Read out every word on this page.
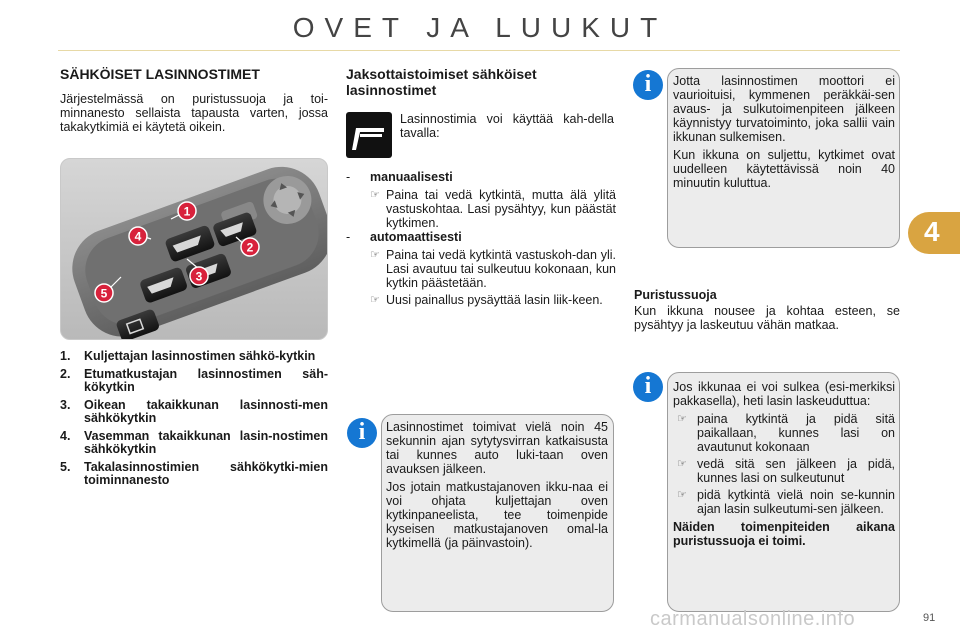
OVET JA LUUKUT
4
SÄHKÖISET LASINNOSTIMET
Järjestelmässä on puristussuoja ja toi-minnanesto sellaista tapausta varten, jossa takakytkimiä ei käytetä oikein.
1
2
3
4
5
1. Kuljettajan lasinnostimen sähkö-kytkin
2. Etumatkustajan lasinnostimen säh-kökytkin
3. Oikean takaikkunan lasinnosti-men sähkökytkin
4. Vasemman takaikkunan lasin-nostimen sähkökytkin
5. Takalasinnostimien sähkökytki-mien toiminnanesto
Jaksottaistoimiset sähköiset lasinnostimet
Lasinnostimia voi käyttää kah-della tavalla:
- manuaalisesti
☞ Paina tai vedä kytkintä, mutta älä ylitä vastuskohtaa. Lasi pysähtyy, kun päästät kytkimen.
- automaattisesti
☞ Paina tai vedä kytkintä vastuskoh-dan yli. Lasi avautuu tai sulkeutuu kokonaan, kun kytkin päästetään.
☞ Uusi painallus pysäyttää lasin liik-keen.
i	Lasinnostimet toimivat vielä noin 45 sekunnin ajan sytytysvirran katkaisusta tai kunnes auto luki-taan oven avauksen jälkeen.
Jos jotain matkustajanoven ikku-naa ei voi ohjata kuljettajan oven kytkinpaneelista, tee toimenpide kyseisen matkustajanoven omal-la kytkimellä (ja päinvastoin).
i	Jotta lasinnostimen moottori ei vaurioituisi, kymmenen peräkkäi-sen avaus- ja sulkutoimenpiteen jälkeen käynnistyy turvatoiminto, joka sallii vain ikkunan sulkemisen.
Kun ikkuna on suljettu, kytkimet ovat uudelleen käytettävissä noin 40 minuutin kuluttua.
Puristussuoja
Kun ikkuna nousee ja kohtaa esteen, se pysähtyy ja laskeutuu vähän matkaa.
i	Jos ikkunaa ei voi sulkea (esi-merkiksi pakkasella), heti lasin laskeuduttua:
☞ paina kytkintä ja pidä sitä paikallaan, kunnes lasi on avautunut kokonaan
☞ vedä sitä sen jälkeen ja pidä, kunnes lasi on sulkeutunut
☞ pidä kytkintä vielä noin se-kunnin ajan lasin sulkeutumi-sen jälkeen.
Näiden toimenpiteiden aikana puristussuoja ei toimi.
91
carmanualsonline.info
